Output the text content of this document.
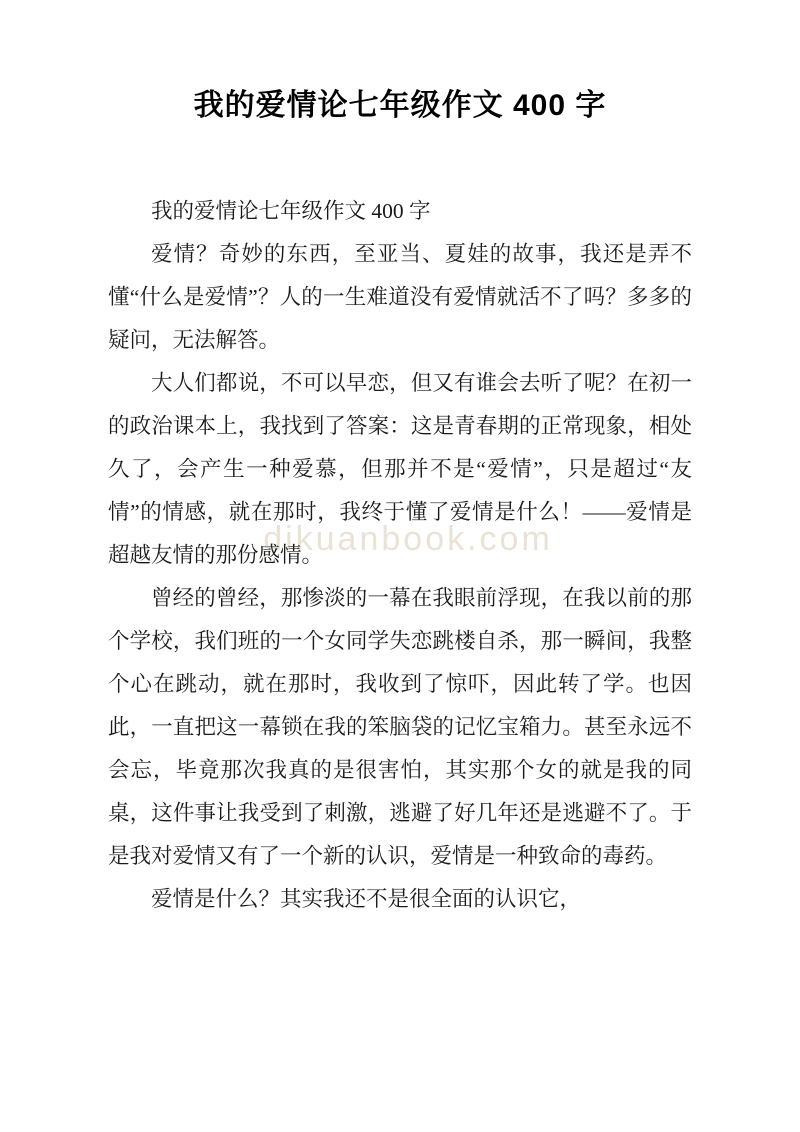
我的爱情论七年级作文 400 字

我的爱情论七年级作文 400 字

爱情？奇妙的东西，至亚当、夏娃的故事，我还是弄不懂“什么是爱情”？人的一生难道没有爱情就活不了吗？多多的疑问，无法解答。

大人们都说，不可以早恋，但又有谁会去听了呢？在初一的政治课本上，我找到了答案：这是青春期的正常现象，相处久了，会产生一种爱慕，但那并不是“爱情”，只是超过“友情”的情感，就在那时，我终于懂了爱情是什么！——爱情是超越友情的那份感情。

曾经的曾经，那惨淡的一幕在我眼前浮现，在我以前的那个学校，我们班的一个女同学失恋跳楼自杀，那一瞬间，我整个心在跳动，就在那时，我收到了惊吓，因此转了学。也因此，一直把这一幕锁在我的笨脑袋的记忆宝箱力。甚至永远不会忘，毕竟那次我真的是很害怕，其实那个女的就是我的同桌，这件事让我受到了刺激，逃避了好几年还是逃避不了。于是我对爱情又有了一个新的认识，爱情是一种致命的毒药。

爱情是什么？其实我还不是很全面的认识它，

dikuanbook.com
